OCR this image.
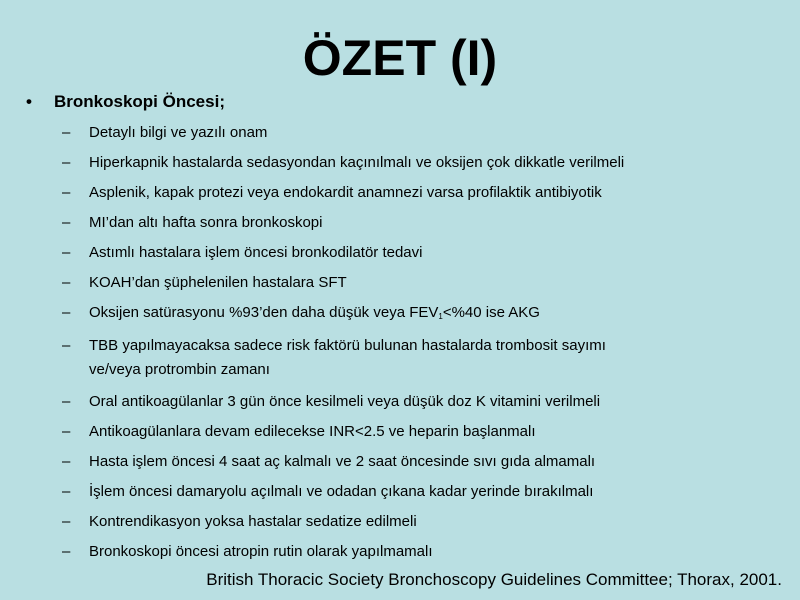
ÖZET (I)
• Bronkoskopi Öncesi;
–	Detaylı bilgi ve yazılı onam
–	Hiperkapnik hastalarda sedasyondan kaçınılmalı ve oksijen çok dikkatle verilmeli
–	Asplenik, kapak protezi veya endokardit anamnezi varsa profilaktik antibiyotik
–	MI’dan altı hafta sonra bronkoskopi
–	Astımlı hastalara işlem öncesi bronkodilatör tedavi
–	KOAH’dan şüphelenilen hastalara SFT
–	Oksijen satürasyonu %93’den daha düşük veya $FEV_1<\%40$ ise AKG
–	TBB yapılmayacaksa sadece risk faktörü bulunan hastalarda trombosit sayımı
ve/veya protrombin zamanı
–	Oral antikoagülanlar 3 gün önce kesilmeli veya düşük doz K vitamini verilmeli
–	Antikoagülanlara devam edilecekse INR<2.5 ve heparin başlanmalı
–	Hasta işlem öncesi 4 saat aç kalmalı ve 2 saat öncesinde sıvı gıda almamalı
–	İşlem öncesi damaryolu açılmalı ve odadan çıkana kadar yerinde bırakılmalı
–	Kontrendikasyon yoksa hastalar sedatize edilmeli
–	Bronkoskopi öncesi atropin rutin olarak yapılmamalı
British Thoracic Society Bronchoscopy Guidelines Committee; Thorax, 2001.
